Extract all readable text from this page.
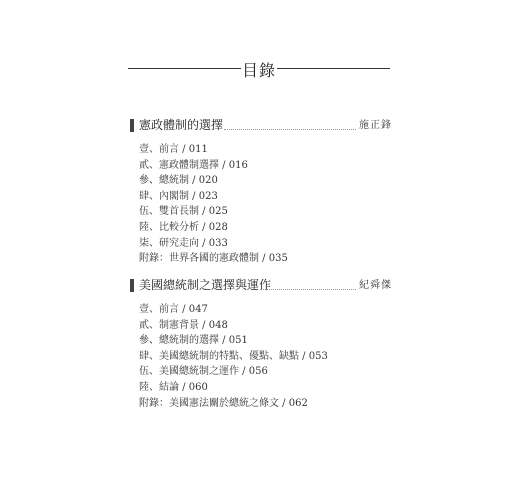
目錄
憲政體制的選擇	施正鋒
壹、前言 / 011
貳、憲政體制選擇 / 016
參、總統制 / 020
肆、內閣制 / 023
伍、雙首長制 / 025
陸、比較分析 / 028
柒、研究走向 / 033
附錄：世界各國的憲政體制 / 035
美國總統制之選擇與運作	紀舜傑
壹、前言 / 047
貳、制憲背景 / 048
參、總統制的選擇 / 051
肆、美國總統制的特點、優點、缺點 / 053
伍、美國總統制之運作 / 056
陸、結論 / 060
附錄：美國憲法關於總統之條文 / 062
